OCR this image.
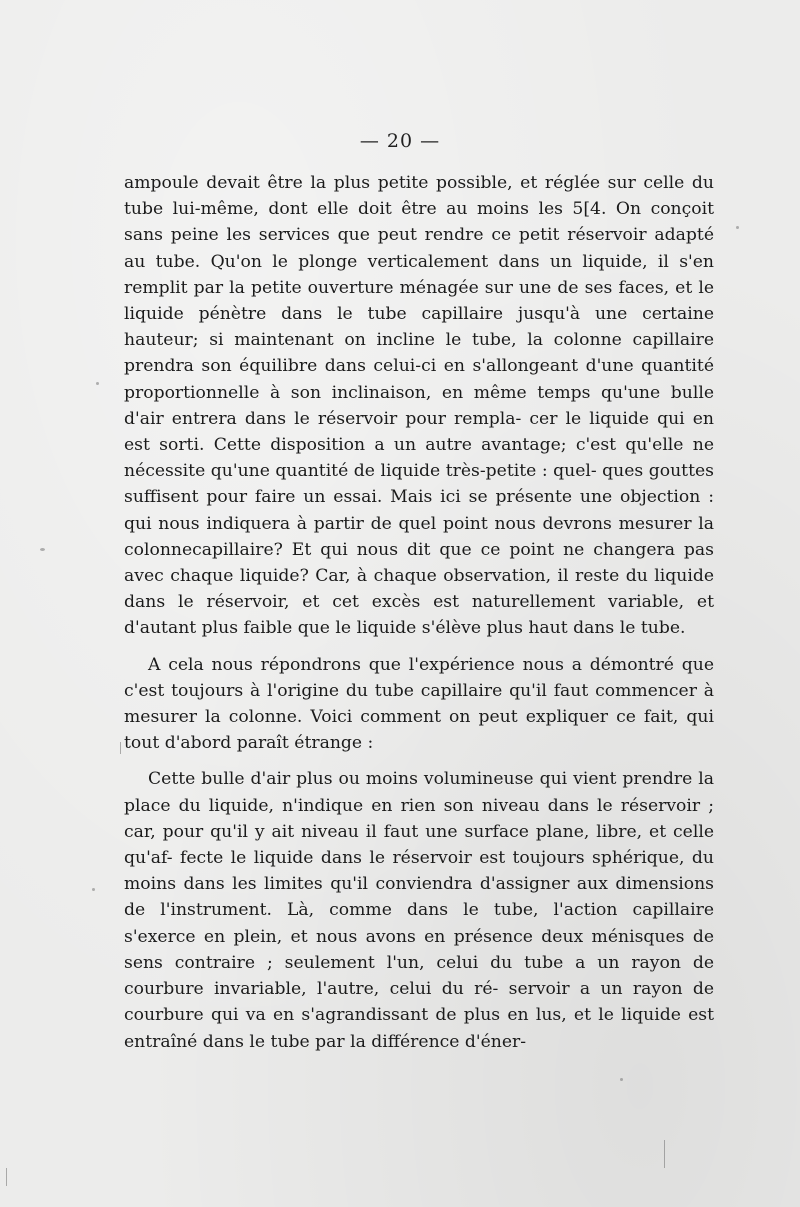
— 20 —

ampoule devait être la plus petite possible, et réglée sur celle du tube lui-même, dont elle doit être au moins les 5[4. On conçoit sans peine les services que peut rendre ce petit réservoir adapté au tube. Qu'on le plonge verticalement dans un liquide, il s'en remplit par la petite ouverture ménagée sur une de ses faces, et le liquide pénètre dans le tube capillaire jusqu'à une certaine hauteur; si maintenant on incline le tube, la colonne capillaire prendra son équilibre dans celui-ci en s'allongeant d'une quantité proportionnelle à son inclinaison, en même temps qu'une bulle d'air entrera dans le réservoir pour rempla- cer le liquide qui en est sorti. Cette disposition a un autre avantage; c'est qu'elle ne nécessite qu'une quantité de liquide très-petite : quel- ques gouttes suffisent pour faire un essai. Mais ici se présente une objection : qui nous indiquera à partir de quel point nous devrons mesurer la colonnecapillaire? Et qui nous dit que ce point ne changera pas avec chaque liquide? Car, à chaque observation, il reste du liquide dans le réservoir, et cet excès est naturellement variable, et d'autant plus faible que le liquide s'élève plus haut dans le tube.

A cela nous répondrons que l'expérience nous a démontré que c'est toujours à l'origine du tube capillaire qu'il faut commencer à mesurer la colonne. Voici comment on peut expliquer ce fait, qui tout d'abord paraît étrange :

Cette bulle d'air plus ou moins volumineuse qui vient prendre la place du liquide, n'indique en rien son niveau dans le réservoir ; car, pour qu'il y ait niveau il faut une surface plane, libre, et celle qu'af- fecte le liquide dans le réservoir est toujours sphérique, du moins dans les limites qu'il conviendra d'assigner aux dimensions de l'instrument. Là, comme dans le tube, l'action capillaire s'exerce en plein, et nous avons en présence deux ménisques de sens contraire ; seulement l'un, celui du tube a un rayon de courbure invariable, l'autre, celui du ré- servoir a un rayon de courbure qui va en s'agrandissant de plus en lus, et le liquide est entraîné dans le tube par la différence d'éner-
